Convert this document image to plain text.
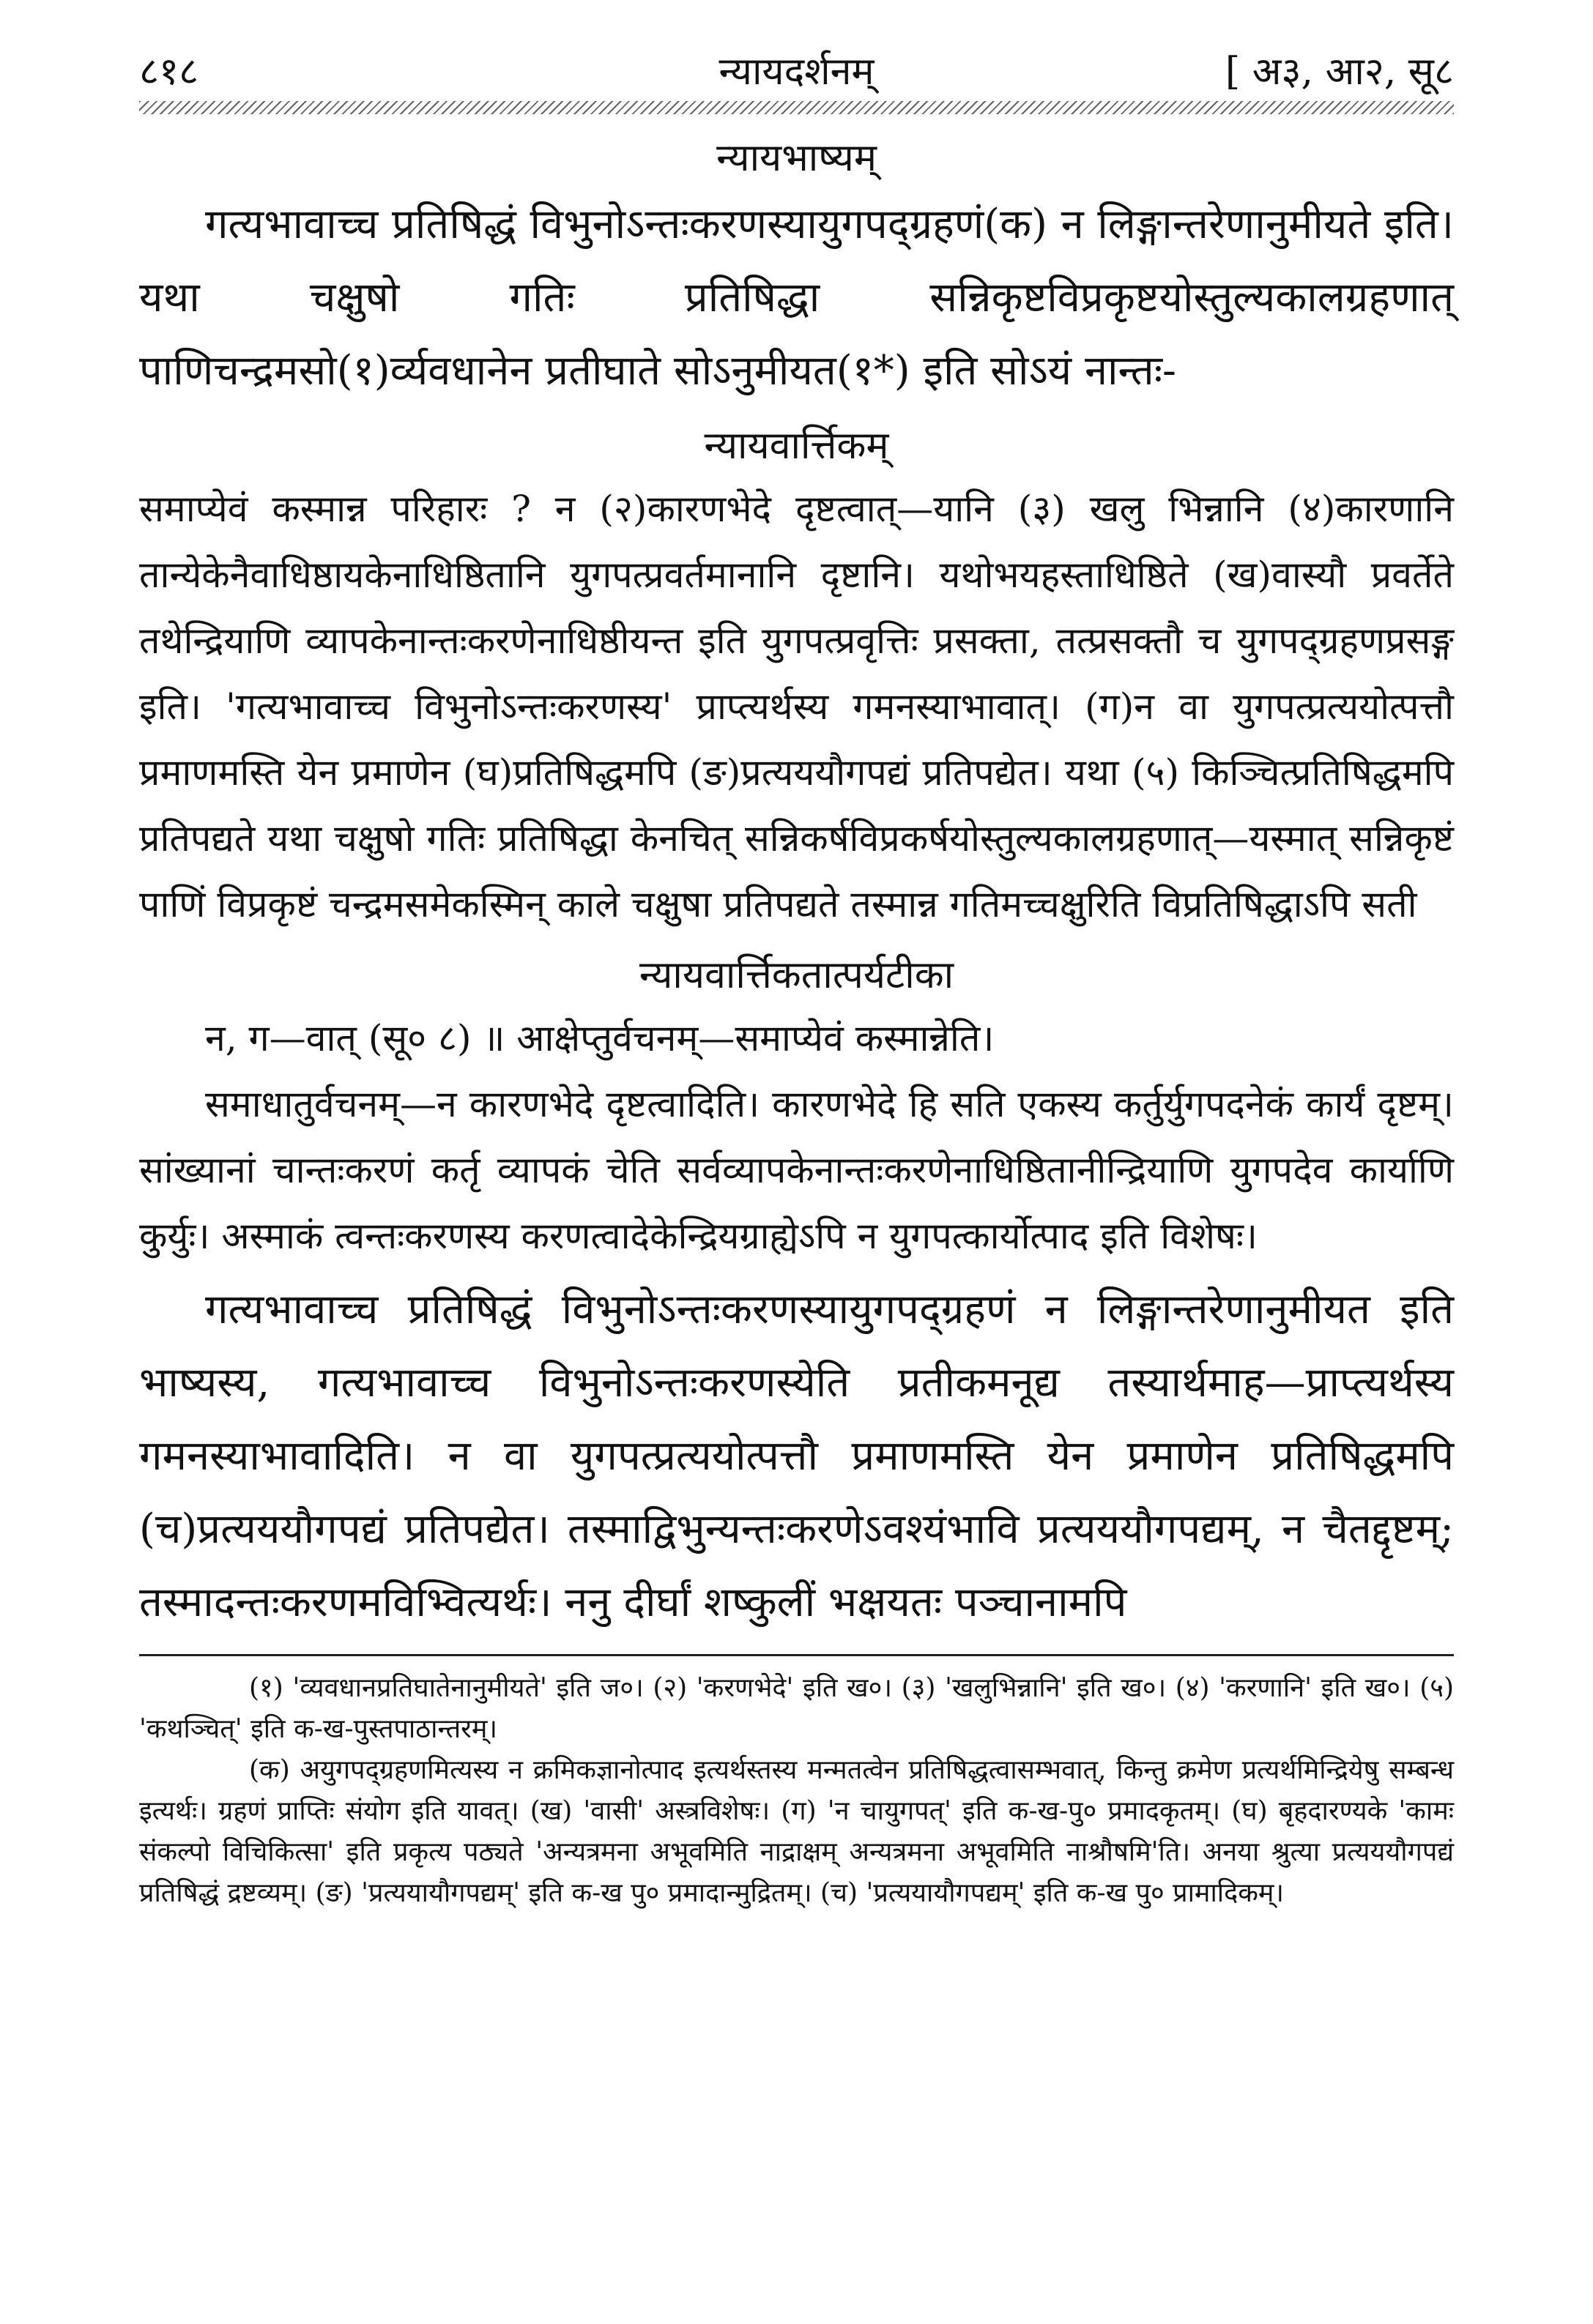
८१८	न्यायदर्शनम्	[ अ३, आ२, सू८
न्यायभाष्यम्

गत्यभावाच्च प्रतिषिद्धं विभुनोऽन्तःकरणस्यायुगपद्ग्रहणं(क) न लिङ्गान्तरेणानुमीयते इति। यथा चक्षुषो गतिः प्रतिषिद्धा सन्निकृष्टविप्रकृष्टयोस्तुल्यकालग्रहणात् पाणिचन्द्रमसो(१)र्व्यवधानेन प्रतीघाते सोऽनुमीयत(१*) इति सोऽयं नान्तः-

न्यायवार्त्तिकम्

समाप्येवं कस्मान्न परिहारः ? न (२)कारणभेदे दृष्टत्वात्—यानि (३) खलु भिन्नानि (४)कारणानि तान्येकेनैवाधिष्ठायकेनाधिष्ठितानि युगपत्प्रवर्तमानानि दृष्टानि। यथोभयहस्ताधिष्ठिते (ख)वास्यौ प्रवर्तेते तथेन्द्रियाणि व्यापकेनान्तःकरणेनाधिष्ठीयन्त इति युगपत्प्रवृत्तिः प्रसक्ता, तत्प्रसक्तौ च युगपद्ग्रहणप्रसङ्ग इति। 'गत्यभावाच्च विभुनोऽन्तःकरणस्य' प्राप्त्यर्थस्य गमनस्याभावात्। (ग)न वा युगपत्प्रत्ययोत्पत्तौ प्रमाणमस्ति येन प्रमाणेन (घ)प्रतिषिद्धमपि (ङ)प्रत्यययौगपद्यं प्रतिपद्येत। यथा (५) किञ्चित्प्रतिषिद्धमपि प्रतिपद्यते यथा चक्षुषो गतिः प्रतिषिद्धा केनचित् सन्निकर्षविप्रकर्षयोस्तुल्यकालग्रहणात्—यस्मात् सन्निकृष्टं पाणिं विप्रकृष्टं चन्द्रमसमेकस्मिन् काले चक्षुषा प्रतिपद्यते तस्मान्न गतिमच्चक्षुरिति विप्रतिषिद्धाऽपि सती

न्यायवार्त्तिकतात्पर्यटीका

न, ग—वात् (सू० ८) ॥ आक्षेप्तुर्वचनम्—समाप्येवं कस्मान्नेति।

समाधातुर्वचनम्—न कारणभेदे दृष्टत्वादिति। कारणभेदे हि सति एकस्य कर्तुर्युगपदनेकं कार्यं दृष्टम्। सांख्यानां चान्तःकरणं कर्तृ व्यापकं चेति सर्वव्यापकेनान्तःकरणेनाधिष्ठितानीन्द्रियाणि युगपदेव कार्याणि कुर्युः। अस्माकं त्वन्तःकरणस्य करणत्वादेकेन्द्रियग्राह्येऽपि न युगपत्कार्योत्पाद इति विशेषः।

गत्यभावाच्च प्रतिषिद्धं विभुनोऽन्तःकरणस्यायुगपद्ग्रहणं न लिङ्गान्तरेणानुमीयत इति भाष्यस्य, गत्यभावाच्च विभुनोऽन्तःकरणस्येति प्रतीकमनूद्य तस्यार्थमाह—प्राप्त्यर्थस्य गमनस्याभावादिति। न वा युगपत्प्रत्ययोत्पत्तौ प्रमाणमस्ति येन प्रमाणेन प्रतिषिद्धमपि (च)प्रत्यययौगपद्यं प्रतिपद्येत। तस्माद्विभुन्यन्तःकरणेऽवश्यंभावि प्रत्यययौगपद्यम्, न चैतद्दृष्टम्; तस्मादन्तःकरणमविभ्वित्यर्थः। ननु दीर्घां शष्कुलीं भक्षयतः पञ्चानामपि

(१) 'व्यवधानप्रतिघातेनानुमीयते' इति ज०। (२) 'करणभेदे' इति ख०। (३) 'खलुभिन्नानि' इति ख०। (४) 'करणानि' इति ख०। (५) 'कथञ्चित्' इति क-ख-पुस्तपाठान्तरम्।

(क) अयुगपद्ग्रहणमित्यस्य न क्रमिकज्ञानोत्पाद इत्यर्थस्तस्य मन्मतत्वेन प्रतिषिद्धत्वासम्भवात्, किन्तु क्रमेण प्रत्यर्थमिन्द्रियेषु सम्बन्ध इत्यर्थः। ग्रहणं प्राप्तिः संयोग इति यावत्। (ख) 'वासी' अस्त्रविशेषः। (ग) 'न चायुगपत्' इति क-ख-पु० प्रमादकृतम्। (घ) बृहदारण्यके 'कामः संकल्पो विचिकित्सा' इति प्रकृत्य पठ्यते 'अन्यत्रमना अभूवमिति नाद्राक्षम् अन्यत्रमना अभूवमिति नाश्रौषमि'ति। अनया श्रुत्या प्रत्यययौगपद्यं प्रतिषिद्धं द्रष्टव्यम्। (ङ) 'प्रत्ययायौगपद्यम्' इति क-ख पु० प्रमादान्मुद्रितम्। (च) 'प्रत्ययायौगपद्यम्' इति क-ख पु० प्रामादिकम्।
